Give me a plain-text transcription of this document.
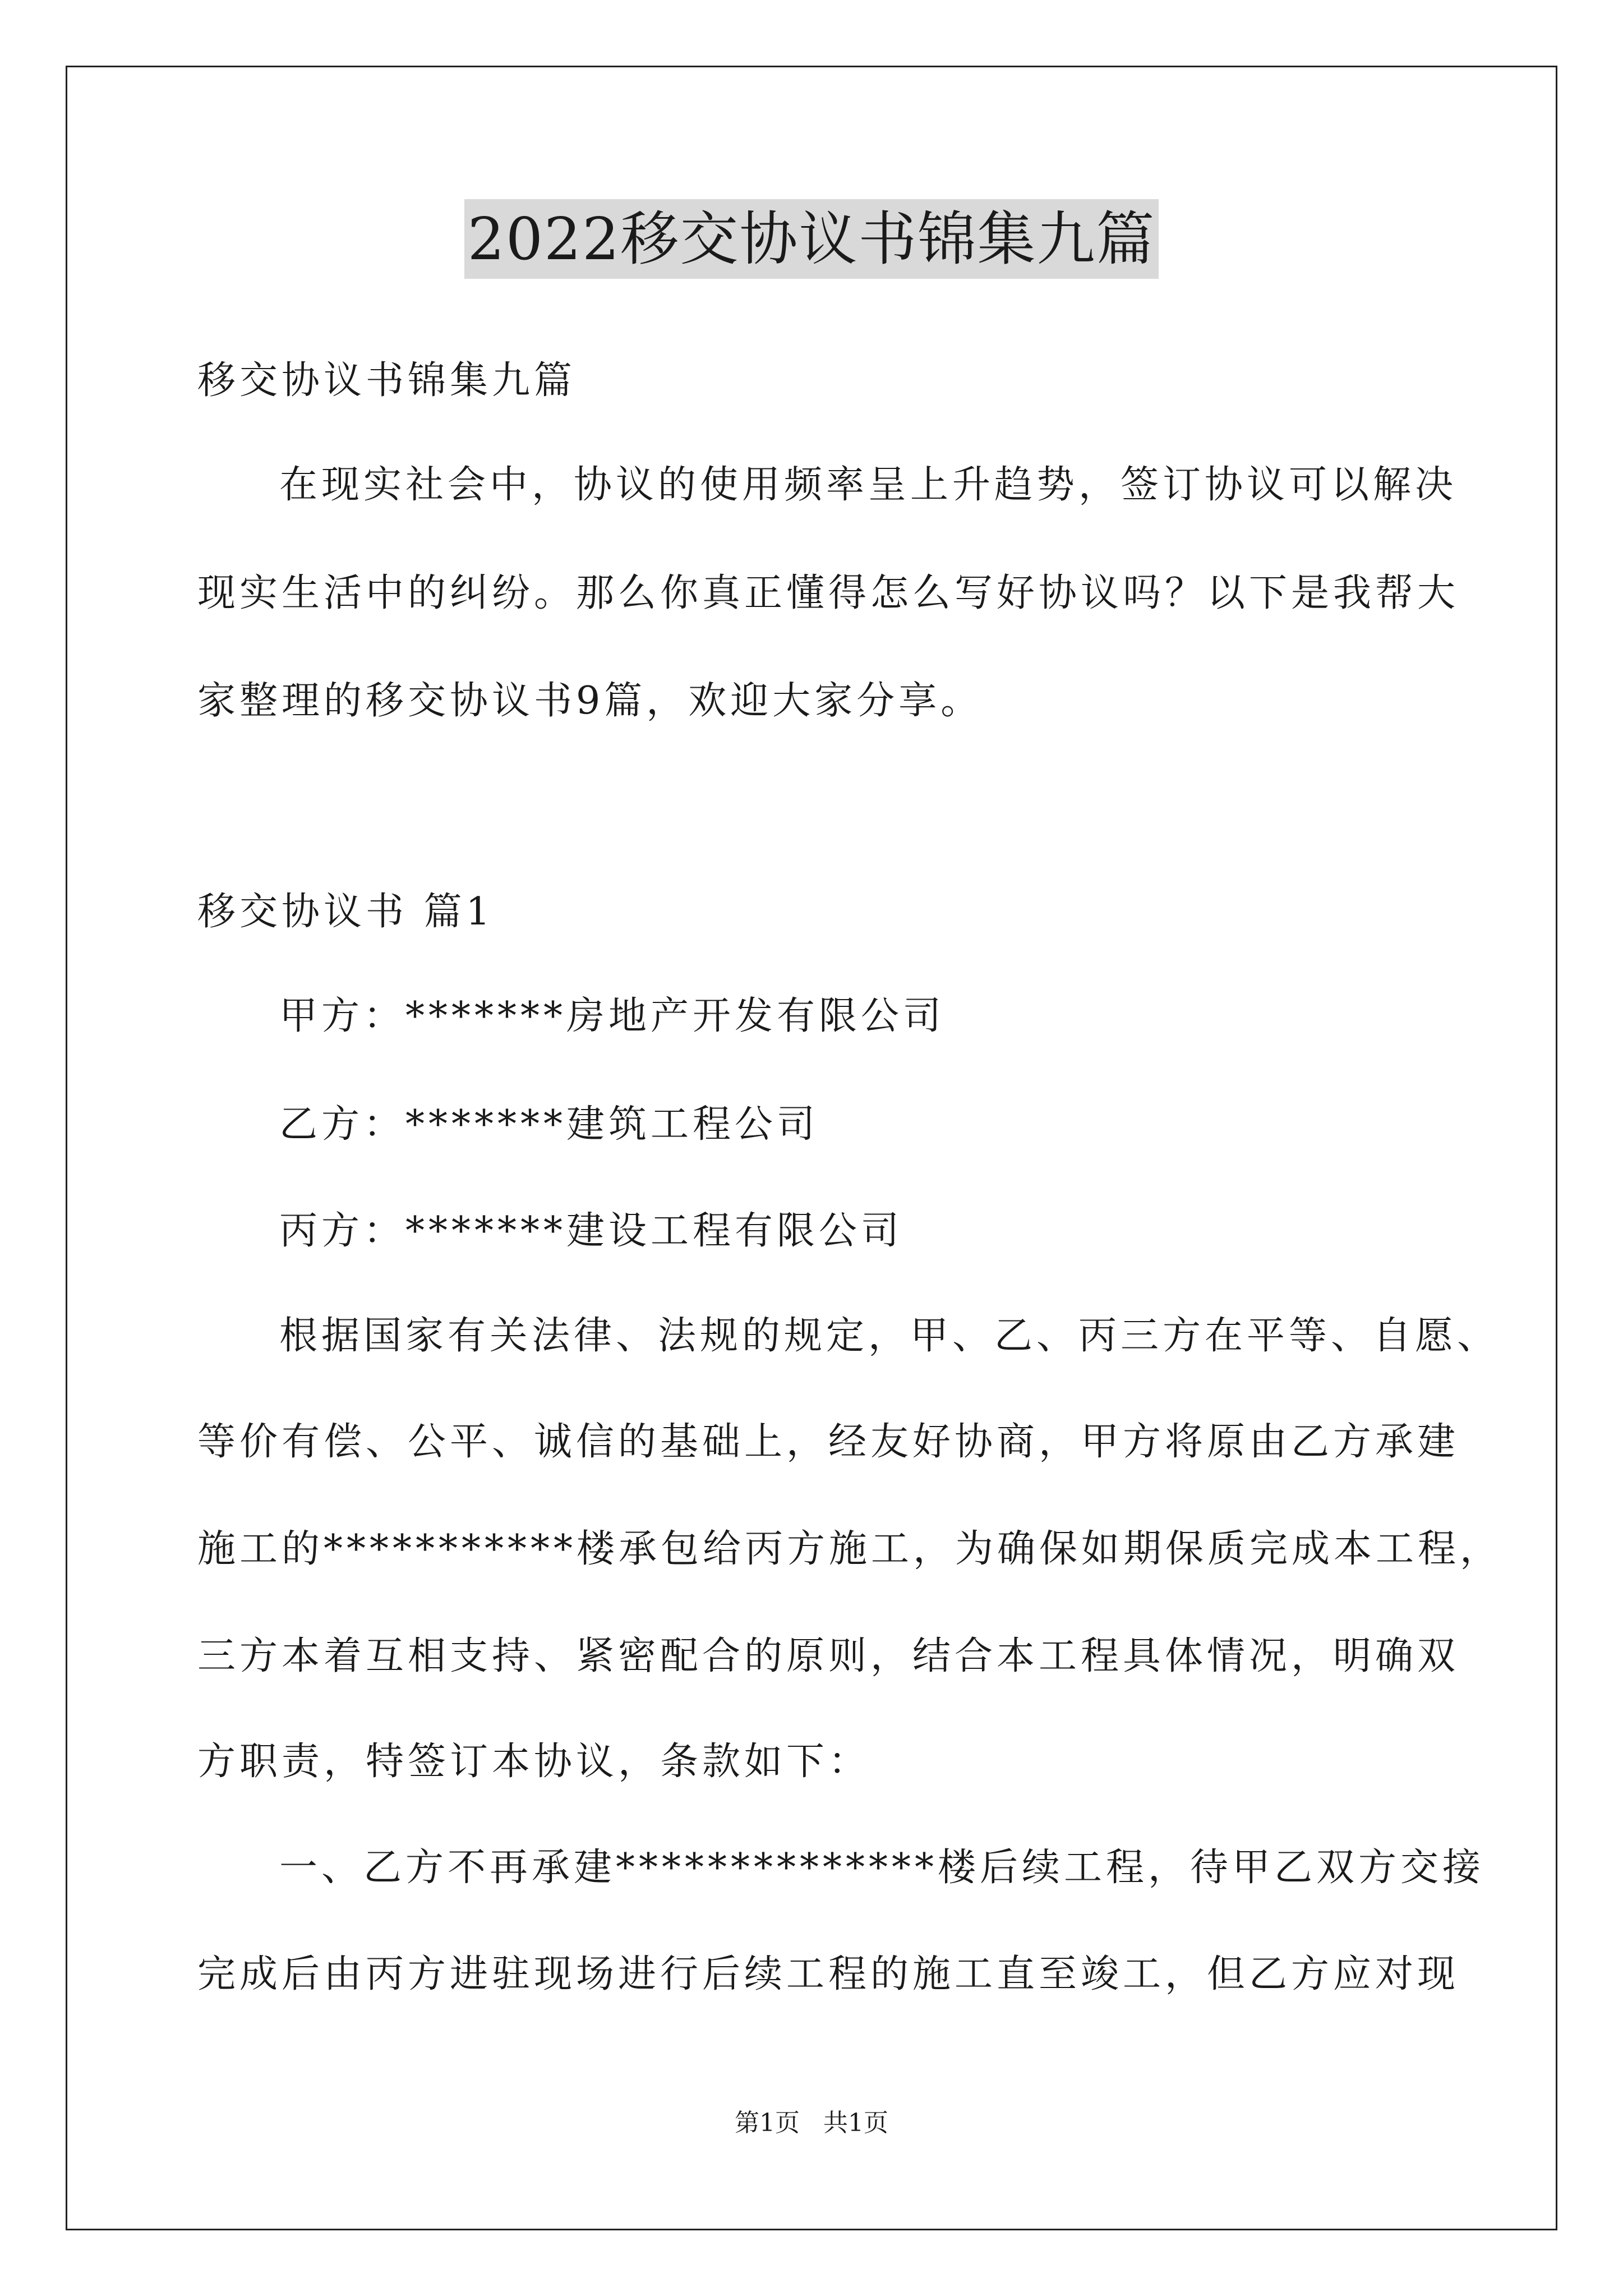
2022移交协议书锦集九篇
移交协议书锦集九篇
在现实社会中，协议的使用频率呈上升趋势，签订协议可以解决
现实生活中的纠纷。那么你真正懂得怎么写好协议吗？以下是我帮大
家整理的移交协议书9篇，欢迎大家分享。
移交协议书 篇1
甲方：*******房地产开发有限公司
乙方：*******建筑工程公司
丙方：*******建设工程有限公司
根据国家有关法律、法规的规定，甲、乙、丙三方在平等、自愿、
等价有偿、公平、诚信的基础上，经友好协商，甲方将原由乙方承建
施工的***********楼承包给丙方施工，为确保如期保质完成本工程，
三方本着互相支持、紧密配合的原则，结合本工程具体情况，明确双
方职责，特签订本协议，条款如下：
一、乙方不再承建**************楼后续工程，待甲乙双方交接
完成后由丙方进驻现场进行后续工程的施工直至竣工，但乙方应对现
第1页   共1页
